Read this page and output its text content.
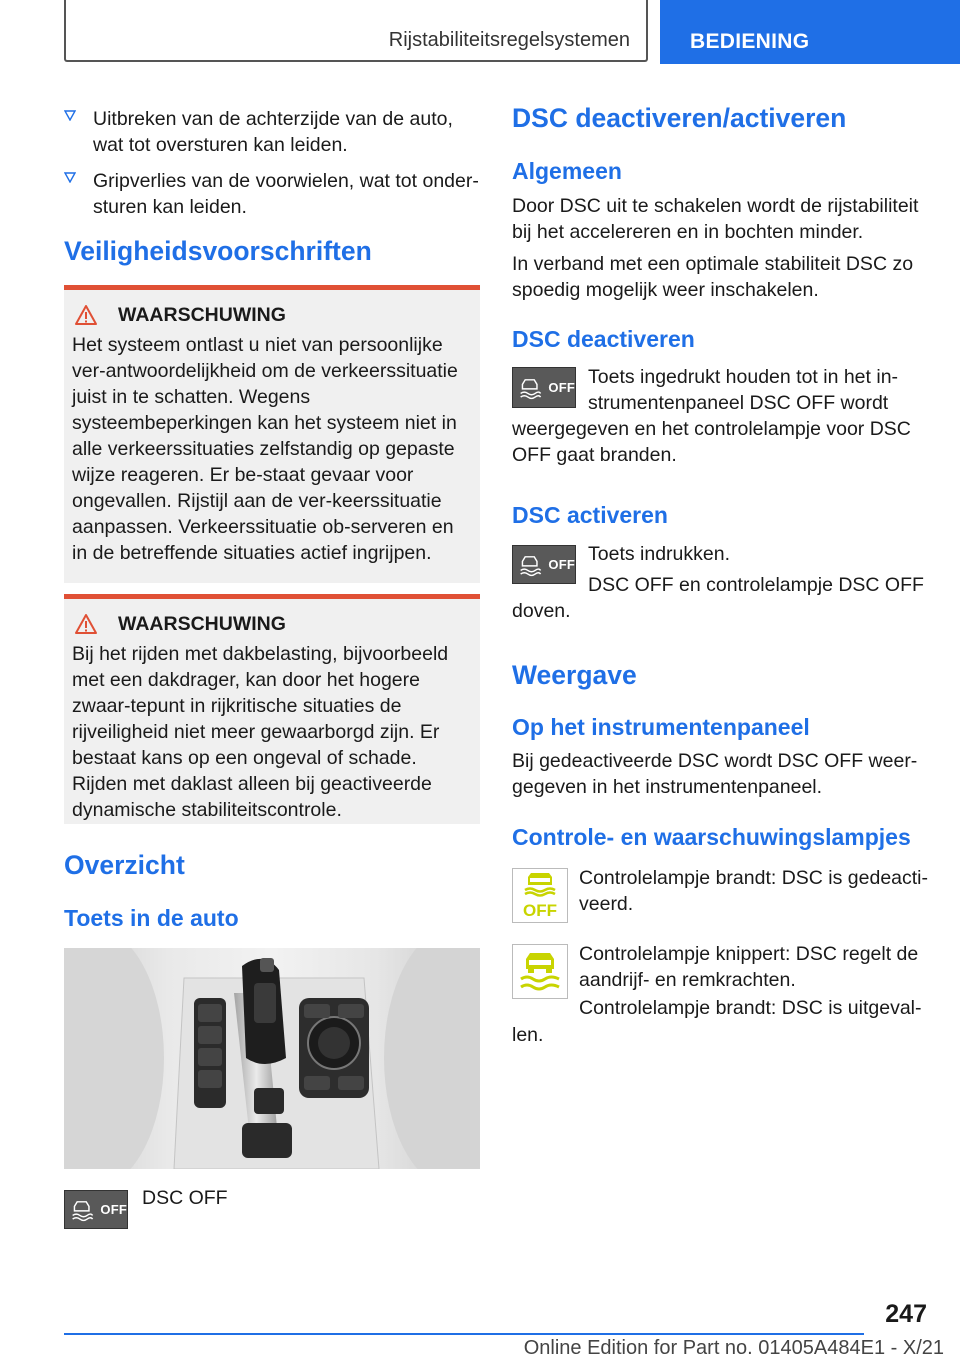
Rijstabiliteitsregelsystemen	BEDIENING
Uitbreken van de achterzijde van de auto, wat tot oversturen kan leiden.
Gripverlies van de voorwielen, wat tot onder-sturen kan leiden.
Veiligheidsvoorschriften
WAARSCHUWING
Het systeem ontlast u niet van persoonlijke ver-antwoordelijkheid om de verkeerssituatie juist in te schatten. Wegens systeembeperkingen kan het systeem niet in alle verkeerssituaties zelfstandig op gepaste wijze reageren. Er be-staat gevaar voor ongevallen. Rijstijl aan de ver-keerssituatie aanpassen. Verkeerssituatie ob-serveren en in de betreffende situaties actief ingrijpen.
WAARSCHUWING
Bij het rijden met dakbelasting, bijvoorbeeld met een dakdrager, kan door het hogere zwaar-tepunt in rijkritische situaties de rijveiligheid niet meer gewaarborgd zijn. Er bestaat kans op een ongeval of schade. Rijden met daklast alleen bij geactiveerde dynamische stabiliteitscontrole.
Overzicht
Toets in de auto
OFF
DSC OFF
DSC deactiveren/activeren
Algemeen

Door DSC uit te schakelen wordt de rijstabiliteit bij het accelereren en in bochten minder.

In verband met een optimale stabiliteit DSC zo spoedig mogelijk weer inschakelen.

DSC deactiveren
OFF Toets ingedrukt houden tot in het in-strumentenpaneel DSC OFF wordt

weergegeven en het controlelampje voor DSC OFF gaat branden.

DSC activeren
OFF Toets indrukken.

DSC OFF en controlelampje DSC OFF

doven.

Weergave
Op het instrumentenpaneel

Bij gedeactiveerde DSC wordt DSC OFF weer-gegeven in het instrumentenpaneel.

Controle- en waarschuwingslampjes
OFF

Controlelampje brandt: DSC is gedeacti-veerd.

Controlelampje knippert: DSC regelt de aandrijf- en remkrachten.

Controlelampje brandt: DSC is uitgeval-

len.

247
Online Edition for Part no. 01405A484E1 - X/21
